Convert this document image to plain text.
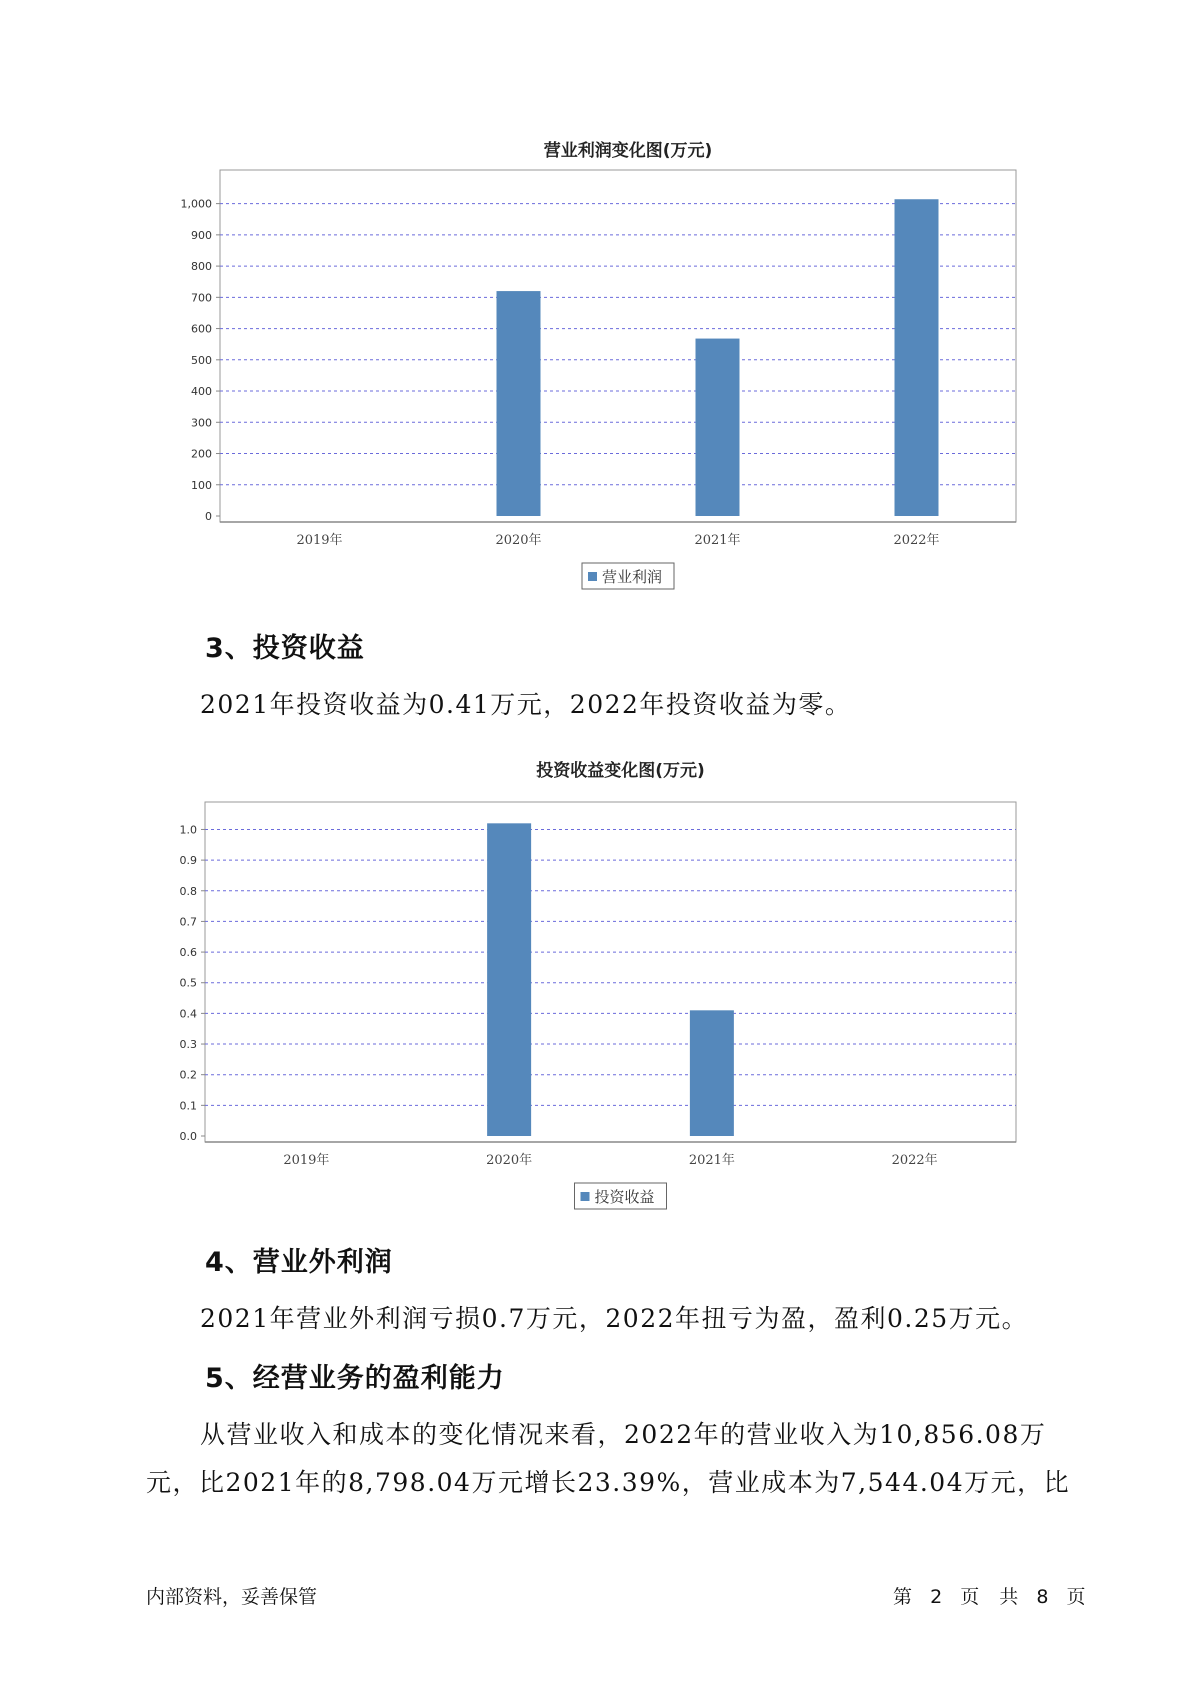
营业利润变化图(万元)
0
100
200
300
400
500
600
700
800
900
1,000
2019年	2020年	2021年	2022年
营业利润
3、投资收益

2021年投资收益为0.41万元，2022年投资收益为零。

投资收益变化图(万元)
0.0
0.1
0.2
0.3
0.4
0.5
0.6
0.7
0.8
0.9
1.0
2019年	2020年	2021年	2022年
投资收益
4、营业外利润

2021年营业外利润亏损0.7万元，2022年扭亏为盈，盈利0.25万元。

5、经营业务的盈利能力

从营业收入和成本的变化情况来看，2022年的营业收入为10,856.08万

元，比2021年的8,798.04万元增长23.39%，营业成本为7,544.04万元，比

内部资料，妥善保管	第 2 页  共 8 页
